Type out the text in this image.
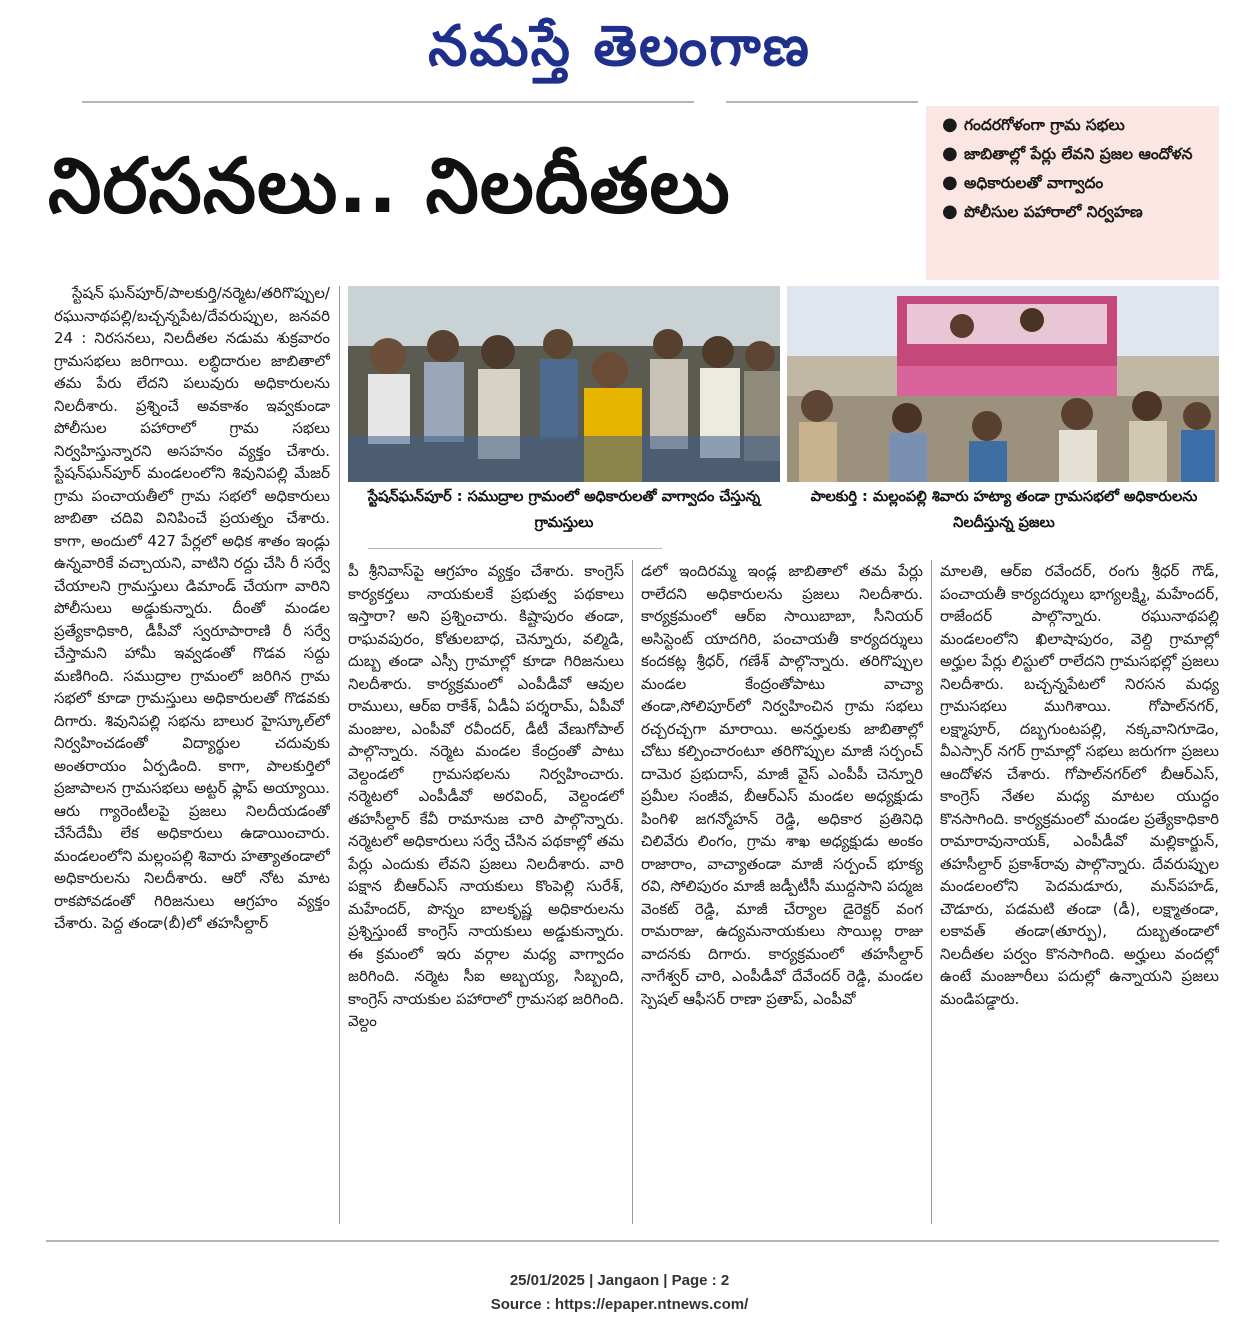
నమస్తే తెలంగాణ
నిరసనలు.. నిలదీతలు
● గందరగోళంగా గ్రామ సభలు
● జాబితాల్లో పేర్లు లేవని ప్రజల ఆందోళన
● అధికారులతో వాగ్వాదం
● పోలీసుల పహారాలో నిర్వహణ
స్టేషన్‌ఘన్‌పూర్ : సముద్రాల గ్రామంలో అధికారులతో వాగ్వాదం చేస్తున్న గ్రామస్తులు
పాలకుర్తి : మల్లంపల్లి శివారు హట్యా తండా గ్రామసభలో అధికారులను నిలదీస్తున్న ప్రజలు

స్టేషన్ ఘన్‌పూర్/పాలకుర్తి/నర్మెట/తరిగొప్పుల/రఘునాథపల్లి/బచ్చన్నపేట/దేవరుప్పుల, జనవరి 24 : నిరసనలు, నిలదీతల నడుమ శుక్రవారం గ్రామసభలు జరిగాయి. లబ్ధిదారుల జాబితాలో తమ పేరు లేదని పలువురు అధికారులను నిలదీశారు. ప్రశ్నించే అవకాశం ఇవ్వకుండా పోలీసుల పహారాలో గ్రామ సభలు నిర్వహిస్తున్నారని అసహనం వ్యక్తం చేశారు. స్టేషన్‌ఘన్‌పూర్ మండలంలోని శివునిపల్లి మేజర్ గ్రామ పంచాయతీలో గ్రామ సభలో అధికారులు జాబితా చదివి వినిపించే ప్రయత్నం చేశారు. కాగా, అందులో 427 పేర్లలో అధిక శాతం ఇండ్లు ఉన్నవారికే వచ్చాయని, వాటిని రద్దు చేసి రీ సర్వే చేయాలని గ్రామస్తులు డిమాండ్ చేయగా వారిని పోలీసులు అడ్డుకున్నారు. దీంతో మండల ప్రత్యేకాధికారి, డీపీవో స్వరూపారాణి రీ సర్వే చేస్తామని హామీ ఇవ్వడంతో గొడవ సద్దు మణిగింది. సముద్రాల గ్రామంలో జరిగిన గ్రామ సభలో కూడా గ్రామస్తులు అధికారులతో గొడవకు దిగారు. శివునిపల్లి సభను బాలుర హైస్కూల్‌లో నిర్వహించడంతో విద్యార్థుల చదువుకు అంతరాయం ఏర్పడింది. కాగా, పాలకుర్తిలో ప్రజాపాలన గ్రామసభలు అట్టర్ ఫ్లాప్ అయ్యాయి. ఆరు గ్యారెంటీలపై ప్రజలు నిలదీయడంతో చేసేదేమీ లేక అధికారులు ఉడాయించారు. మండలంలోని మల్లంపల్లి శివారు హత్యాతండాలో అధికారులను నిలదీశారు. ఆరో నోట మాట రాకపోవడంతో గిరిజనులు ఆగ్రహం వ్యక్తం చేశారు. పెద్ద తండా(బీ)లో తహసీల్దార్

పీ శ్రీనివాస్‌పై ఆగ్రహం వ్యక్తం చేశారు. కాంగ్రెస్ కార్యకర్తలు నాయకులకే ప్రభుత్వ పథకాలు ఇస్తారా? అని ప్రశ్నించారు. కిష్టాపురం తండా, రాఘవపురం, కోతులబాధ, చెన్నూరు, వల్మిడి, దుబ్బ తండా ఎస్సీ గ్రామాల్లో కూడా గిరిజనులు నిలదీశారు. కార్యక్రమంలో ఎంపీడీవో ఆవుల రాములు, ఆర్‌ఐ రాకేశ్, ఏడీఏ పర్శరామ్, ఏపీవో మంజుల, ఎంపీవో రవీందర్, డీటీ వేణుగోపాల్ పాల్గొన్నారు. నర్మెట మండల కేంద్రంతో పాటు వెల్దండలో గ్రామసభలను నిర్వహించారు. నర్మెటలో ఎంపీడీవో అరవింద్, వెల్దండలో తహసీల్దార్ కేవీ రామానుజ చారి పాల్గొన్నారు. నర్మెటలో అధికారులు సర్వే చేసిన పథకాల్లో తమ పేర్లు ఎందుకు లేవని ప్రజలు నిలదీశారు. వారి పక్షాన బీఆర్‌ఎస్ నాయకులు కొంపెల్లి సురేశ్, మహేందర్, పొన్నం బాలకృష్ణ అధికారులను ప్రశ్నిస్తుంటే కాంగ్రెస్ నాయకులు అడ్డుకున్నారు. ఈ క్రమంలో ఇరు వర్గాల మధ్య వాగ్వాదం జరిగింది. నర్మెట సీఐ అబ్బయ్య, సిబ్బంది, కాంగ్రెస్ నాయకుల పహారాలో గ్రామసభ జరిగింది. వెల్దం

డలో ఇందిరమ్మ ఇండ్ల జాబితాలో తమ పేర్లు రాలేదని అధికారులను ప్రజలు నిలదీశారు. కార్యక్రమంలో ఆర్‌ఐ సాయిబాబా, సీనియర్ అసిస్టెంట్ యాదగిరి, పంచాయతీ కార్యదర్శులు కందకట్ల శ్రీధర్, గణేశ్ పాల్గొన్నారు. తరిగొప్పుల మండల కేంద్రంతోపాటు వాచ్యా తండా,సోలిపూర్‌లో నిర్వహించిన గ్రామ సభలు రచ్చరచ్చగా మారాయి. అనర్హులకు జాబితాల్లో చోటు కల్పించారంటూ తరిగొప్పుల మాజీ సర్పంచ్ దామెర ప్రభుదాస్, మాజీ వైస్ ఎంపీపీ చెన్నూరి ప్రమీల సంజీవ, బీఆర్‌ఎస్ మండల అధ్యక్షుడు పింగిళి జగన్మోహన్ రెడ్డి, అధికార ప్రతినిధి చిలివేరు లింగం, గ్రామ శాఖ అధ్యక్షుడు అంకం రాజారాం, వాచ్యాతండా మాజీ సర్పంచ్ భూక్య రవి, సోలిపురం మాజీ జడ్పీటీసీ ముద్దసాని పద్మజ వెంకట్ రెడ్డి, మాజీ చేర్యాల డైరెక్టర్ వంగ రామరాజు, ఉద్యమనాయకులు సొయిల్ల రాజు వాదనకు దిగారు. కార్యక్రమంలో తహసీల్దార్ నాగేశ్వర్ చారి, ఎంపీడీవో దేవేందర్ రెడ్డి, మండల స్పెషల్ ఆఫీసర్ రాణా ప్రతాప్, ఎంపీవో

మాలతి, ఆర్‌ఐ రవేందర్, రంగు శ్రీధర్ గౌడ్, పంచాయతీ కార్యదర్శులు భాగ్యలక్ష్మి, మహేందర్, రాజేందర్ పాల్గొన్నారు. రఘునాథపల్లి మండలంలోని ఖిలాషాపురం, వెల్ది గ్రామాల్లో అర్హుల పేర్లు లిస్టులో రాలేదని గ్రామసభల్లో ప్రజలు నిలదీశారు. బచ్చన్నపేటలో నిరసన మధ్య గ్రామసభలు ముగిశాయి. గోపాల్‌నగర్, లక్ష్మాపూర్, దబ్బగుంటపల్లి, నక్కవానిగూడెం, వీఎస్సార్ నగర్ గ్రామాల్లో సభలు జరుగగా ప్రజలు ఆందోళన చేశారు. గోపాల్‌నగర్‌లో బీఆర్‌ఎస్, కాంగ్రెస్ నేతల మధ్య మాటల యుద్ధం కొనసాగింది. కార్యక్రమంలో మండల ప్రత్యేకాధికారి రామారావునాయక్, ఎంపీడీవో మల్లికార్జున్, తహసీల్దార్ ప్రకాశ్‌రావు పాల్గొన్నారు. దేవరుప్పుల మండలంలోని పెదమడూరు, మన్‌పహడ్, చౌడూరు, పడమటి తండా (డీ), లక్ష్మాతండా, లకావత్ తండా(తూర్పు), దుబ్బతండాలో నిలదీతల పర్వం కొనసాగింది. అర్హులు వందల్లో ఉంటే మంజూరీలు పదుల్లో ఉన్నాయని ప్రజలు మండిపడ్డారు.

25/01/2025 | Jangaon | Page : 2
Source : https://epaper.ntnews.com/
